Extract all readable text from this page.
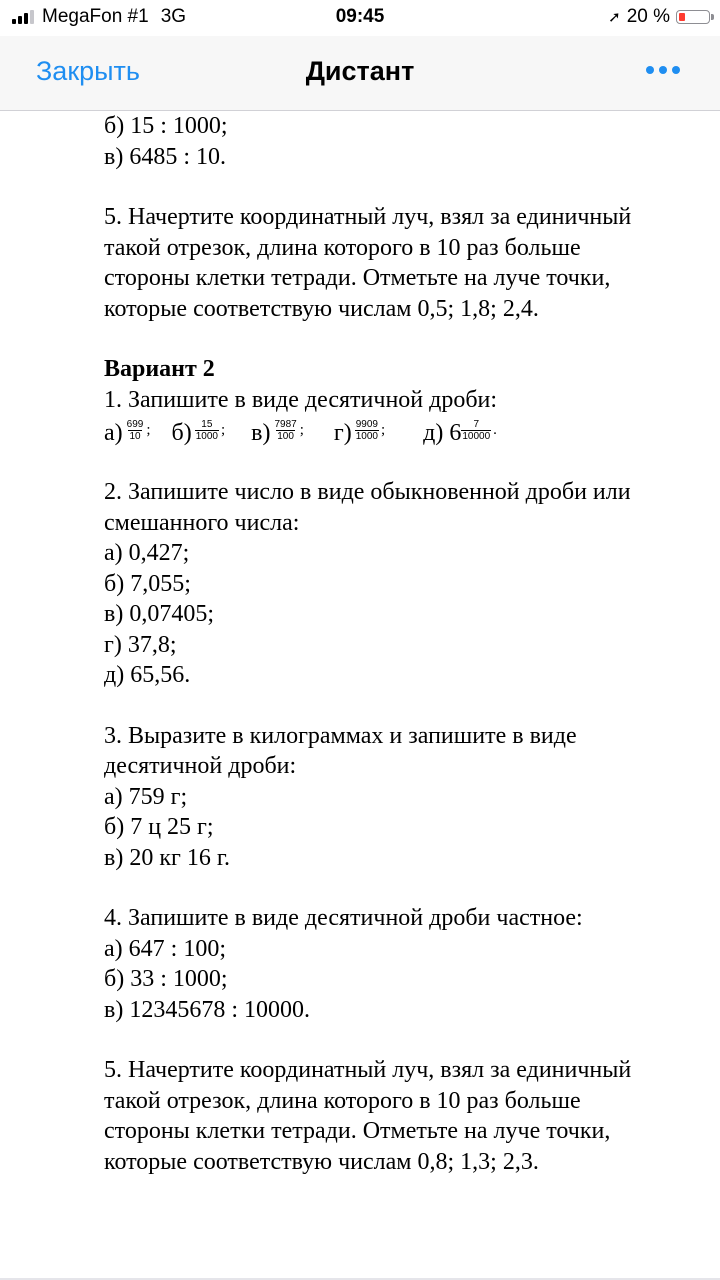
MegaFon #1 3G	09:45	➚ 20 %
Закрыть	Дистант

б) 15 : 1000;

в) 6485 : 10.

5. Начертите координатный луч, взял за единичный

такой отрезок, длина которого в 10 раз больше

стороны клетки тетради. Отметьте на луче точки,

которые соответствую числам 0,5; 1,8; 2,4.

Вариант 2

1. Запишите в виде десятичной дроби:

$а) \frac{699}{10}$ ; $б) \frac{15}{1000}$ ; $в) \frac{7987}{100}$ ; $г) \frac{9909}{1000}$ ; д) $6 \frac{7}{10000}$ .

2. Запишите число в виде обыкновенной дроби или

смешанного числа:

а) 0,427;

б) 7,055;

в) 0,07405;

г) 37,8;

д) 65,56.

3. Выразите в килограммах и запишите в виде

десятичной дроби:

а) 759 г;

б) 7 ц 25 г;

в) 20 кг 16 г.

4. Запишите в виде десятичной дроби частное:

а) 647 : 100;

б) 33 : 1000;

в) 12345678 : 10000.

5. Начертите координатный луч, взял за единичный

такой отрезок, длина которого в 10 раз больше

стороны клетки тетради. Отметьте на луче точки,

которые соответствую числам 0,8; 1,3; 2,3.
